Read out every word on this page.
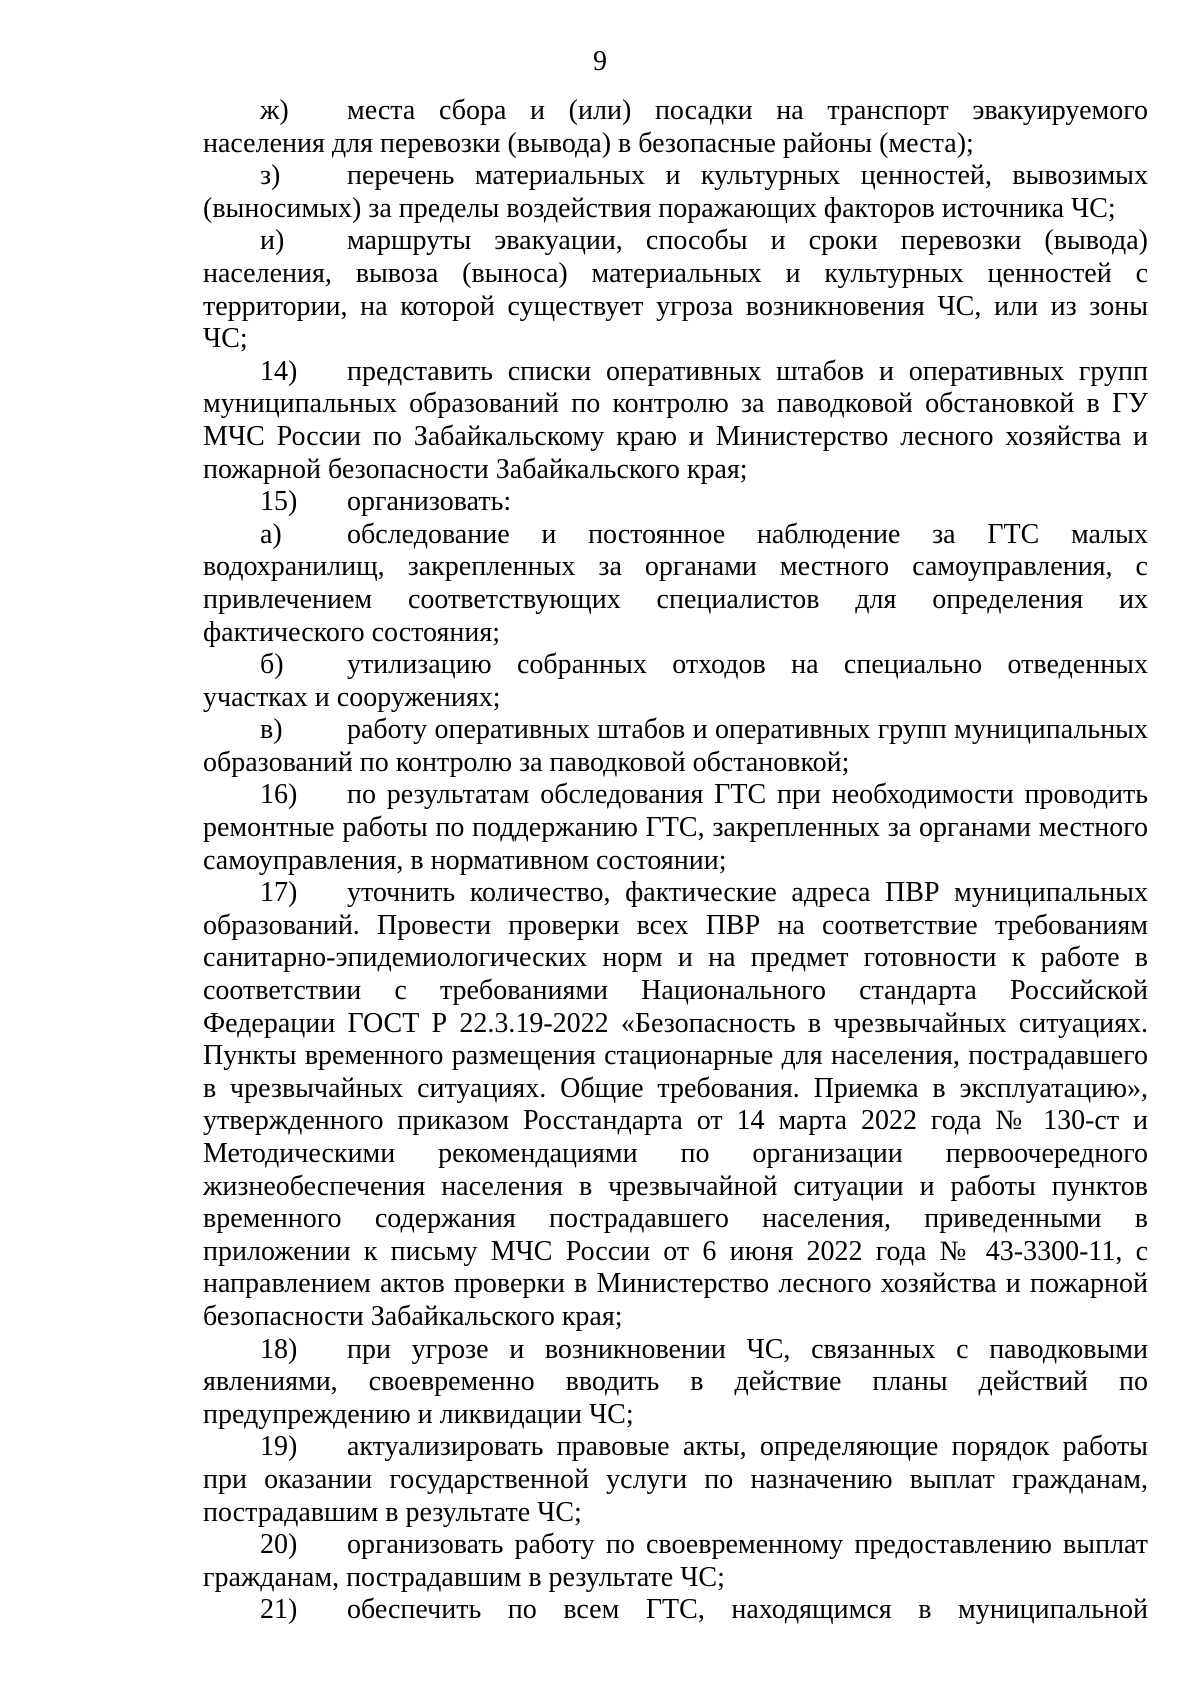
9

ж) места сбора и (или) посадки на транспорт эвакуируемого населения для перевозки (вывода) в безопасные районы (места);

з) перечень материальных и культурных ценностей, вывозимых (выносимых) за пределы воздействия поражающих факторов источника ЧС;

и) маршруты эвакуации, способы и сроки перевозки (вывода) населения, вывоза (выноса) материальных и культурных ценностей с территории, на которой существует угроза возникновения ЧС, или из зоны ЧС;

14) представить списки оперативных штабов и оперативных групп муниципальных образований по контролю за паводковой обстановкой в ГУ МЧС России по Забайкальскому краю и Министерство лесного хозяйства и пожарной безопасности Забайкальского края;

15) организовать:

а) обследование и постоянное наблюдение за ГТС малых водохранилищ, закрепленных за органами местного самоуправления, с привлечением соответствующих специалистов для определения их фактического состояния;

б) утилизацию собранных отходов на специально отведенных участках и сооружениях;

в) работу оперативных штабов и оперативных групп муниципальных образований по контролю за паводковой обстановкой;

16) по результатам обследования ГТС при необходимости проводить ремонтные работы по поддержанию ГТС, закрепленных за органами местного самоуправления, в нормативном состоянии;

17) уточнить количество, фактические адреса ПВР муниципальных образований. Провести проверки всех ПВР на соответствие требованиям санитарно-эпидемиологических норм и на предмет готовности к работе в соответствии с требованиями Национального стандарта Российской Федерации ГОСТ Р 22.3.19-2022 «Безопасность в чрезвычайных ситуациях. Пункты временного размещения стационарные для населения, пострадавшего в чрезвычайных ситуациях. Общие требования. Приемка в эксплуатацию», утвержденного приказом Росстандарта от 14 марта 2022 года № 130-ст и Методическими рекомендациями по организации первоочередного жизнеобеспечения населения в чрезвычайной ситуации и работы пунктов временного содержания пострадавшего населения, приведенными в приложении к письму МЧС России от 6 июня 2022 года № 43-3300-11, с направлением актов проверки в Министерство лесного хозяйства и пожарной безопасности Забайкальского края;

18) при угрозе и возникновении ЧС, связанных с паводковыми явлениями, своевременно вводить в действие планы действий по предупреждению и ликвидации ЧС;

19) актуализировать правовые акты, определяющие порядок работы при оказании государственной услуги по назначению выплат гражданам, пострадавшим в результате ЧС;

20) организовать работу по своевременному предоставлению выплат гражданам, пострадавшим в результате ЧС;

21) обеспечить по всем ГТС, находящимся в муниципальной
